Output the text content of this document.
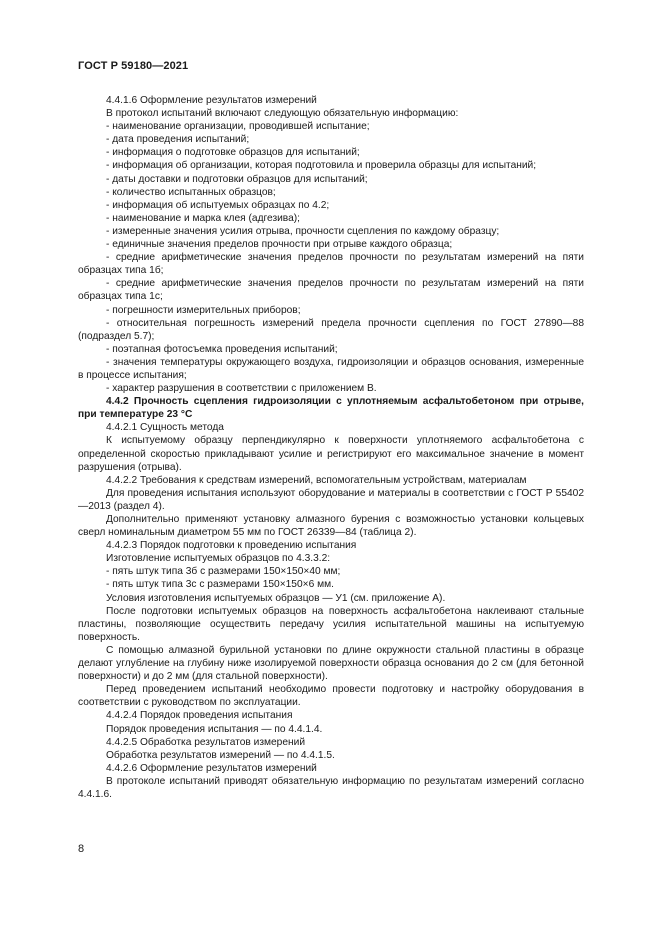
ГОСТ Р 59180—2021

4.4.1.6 Оформление результатов измерений

В протокол испытаний включают следующую обязательную информацию:

- наименование организации, проводившей испытание;

- дата проведения испытаний;

- информация о подготовке образцов для испытаний;

- информация об организации, которая подготовила и проверила образцы для испытаний;

- даты доставки и подготовки образцов для испытаний;

- количество испытанных образцов;

- информация об испытуемых образцах по 4.2;

- наименование и марка клея (адгезива);

- измеренные значения усилия отрыва, прочности сцепления по каждому образцу;

- единичные значения пределов прочности при отрыве каждого образца;

- средние арифметические значения пределов прочности по результатам измерений на пяти образцах типа 1б;

- средние арифметические значения пределов прочности по результатам измерений на пяти образцах типа 1с;

- погрешности измерительных приборов;

- относительная погрешность измерений предела прочности сцепления по ГОСТ 27890—88 (подраздел 5.7);

- поэтапная фотосъемка проведения испытаний;

- значения температуры окружающего воздуха, гидроизоляции и образцов основания, измеренные в процессе испытания;

- характер разрушения в соответствии с приложением В.

4.4.2 Прочность сцепления гидроизоляции с уплотняемым асфальтобетоном при отрыве, при температуре 23 °С

4.4.2.1 Сущность метода

К испытуемому образцу перпендикулярно к поверхности уплотняемого асфальтобетона с определенной скоростью прикладывают усилие и регистрируют его максимальное значение в момент разрушения (отрыва).

4.4.2.2 Требования к средствам измерений, вспомогательным устройствам, материалам

Для проведения испытания используют оборудование и материалы в соответствии с ГОСТ Р 55402—2013 (раздел 4).

Дополнительно применяют установку алмазного бурения с возможностью установки кольцевых сверл номинальным диаметром 55 мм по ГОСТ 26339—84 (таблица 2).

4.4.2.3 Порядок подготовки к проведению испытания

Изготовление испытуемых образцов по 4.3.3.2:

- пять штук типа 3б с размерами 150×150×40 мм;

- пять штук типа 3с с размерами 150×150×6 мм.

Условия изготовления испытуемых образцов — У1 (см. приложение А).

После подготовки испытуемых образцов на поверхность асфальтобетона наклеивают стальные пластины, позволяющие осуществить передачу усилия испытательной машины на испытуемую поверхность.

С помощью алмазной бурильной установки по длине окружности стальной пластины в образце делают углубление на глубину ниже изолируемой поверхности образца основания до 2 см (для бетонной поверхности) и до 2 мм (для стальной поверхности).

Перед проведением испытаний необходимо провести подготовку и настройку оборудования в соответствии с руководством по эксплуатации.

4.4.2.4 Порядок проведения испытания

Порядок проведения испытания — по 4.4.1.4.

4.4.2.5 Обработка результатов измерений

Обработка результатов измерений — по 4.4.1.5.

4.4.2.6 Оформление результатов измерений

В протоколе испытаний приводят обязательную информацию по результатам измерений согласно 4.4.1.6.

8
